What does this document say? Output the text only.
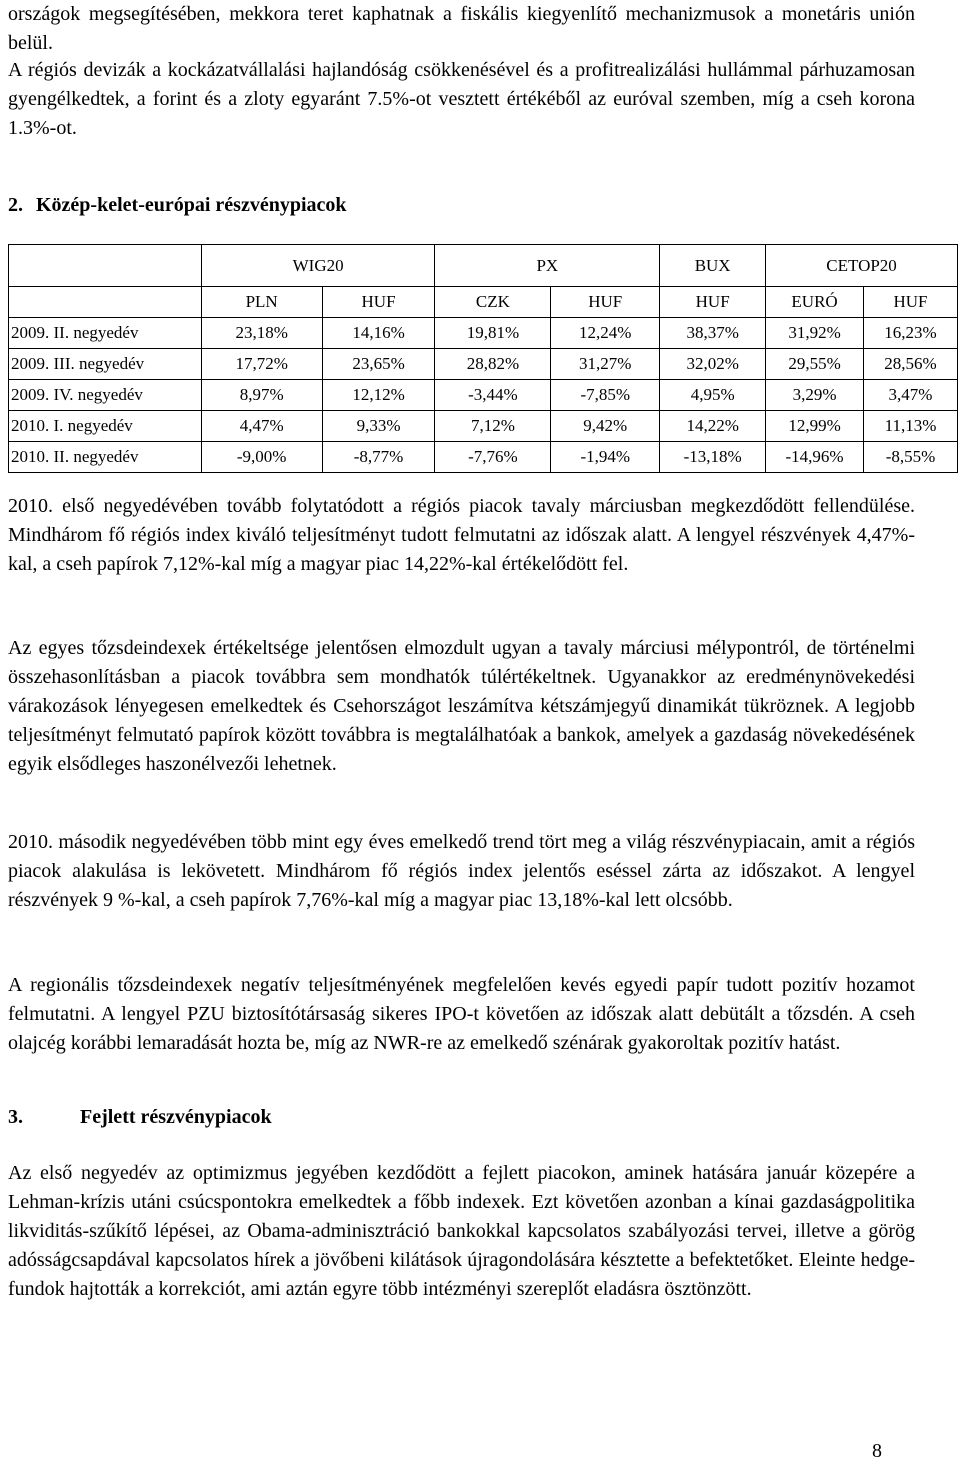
országok megsegítésében, mekkora teret kaphatnak a fiskális kiegyenlítő mechanizmusok a monetáris unión belül.

A régiós devizák a kockázatvállalási hajlandóság csökkenésével és a profitrealizálási hullámmal párhuzamosan gyengélkedtek, a forint és a zloty egyaránt 7.5%-ot vesztett értékéből az euróval szemben, míg a cseh korona 1.3%-ot.

2. Közép-kelet-európai részvénypiacok
	WIG20		PX		BUX	CETOP20	
	PLN	HUF	CZK	HUF	HUF	EURÓ	HUF
2009. II. negyedév	23,18%	14,16%	19,81%	12,24%	38,37%	31,92%	16,23%
2009. III. negyedév	17,72%	23,65%	28,82%	31,27%	32,02%	29,55%	28,56%
2009. IV. negyedév	8,97%	12,12%	-3,44%	-7,85%	4,95%	3,29%	3,47%
2010. I. negyedév	4,47%	9,33%	7,12%	9,42%	14,22%	12,99%	11,13%
2010. II. negyedév	-9,00%	-8,77%	-7,76%	-1,94%	-13,18%	-14,96%	-8,55%

2010. első negyedévében tovább folytatódott a régiós piacok tavaly márciusban megkezdődött fellendülése. Mindhárom fő régiós index kiváló teljesítményt tudott felmutatni az időszak alatt. A lengyel részvények 4,47%-kal, a cseh papírok 7,12%-kal míg a magyar piac 14,22%-kal értékelődött fel.

Az egyes tőzsdeindexek értékeltsége jelentősen elmozdult ugyan a tavaly márciusi mélypontról, de történelmi összehasonlításban a piacok továbbra sem mondhatók túlértékeltnek. Ugyanakkor az eredménynövekedési várakozások lényegesen emelkedtek és Csehországot leszámítva kétszámjegyű dinamikát tükröznek. A legjobb teljesítményt felmutató papírok között továbbra is megtalálhatóak a bankok, amelyek a gazdaság növekedésének egyik elsődleges haszonélvezői lehetnek.

2010. második negyedévében több mint egy éves emelkedő trend tört meg a világ részvénypiacain, amit a régiós piacok alakulása is lekövetett. Mindhárom fő régiós index jelentős eséssel zárta az időszakot. A lengyel részvények 9 %-kal, a cseh papírok 7,76%-kal míg a magyar piac 13,18%-kal lett olcsóbb.

A regionális tőzsdeindexek negatív teljesítményének megfelelően kevés egyedi papír tudott pozitív hozamot felmutatni. A lengyel PZU biztosítótársaság sikeres IPO-t követően az időszak alatt debütált a tőzsdén. A cseh olajcég korábbi lemaradását hozta be, míg az NWR-re az emelkedő szénárak gyakoroltak pozitív hatást.

3.	Fejlett részvénypiacok

Az első negyedév az optimizmus jegyében kezdődött a fejlett piacokon, aminek hatására január közepére a Lehman-krízis utáni csúcspontokra emelkedtek a főbb indexek. Ezt követően azonban a kínai gazdaságpolitika likviditás-szűkítő lépései, az Obama-adminisztráció bankokkal kapcsolatos szabályozási tervei, illetve a görög adósságcsapdával kapcsolatos hírek a jövőbeni kilátások újragondolására késztette a befektetőket. Eleinte hedge-fundok hajtották a korrekciót, ami aztán egyre több intézményi szereplőt eladásra ösztönzött.

8
